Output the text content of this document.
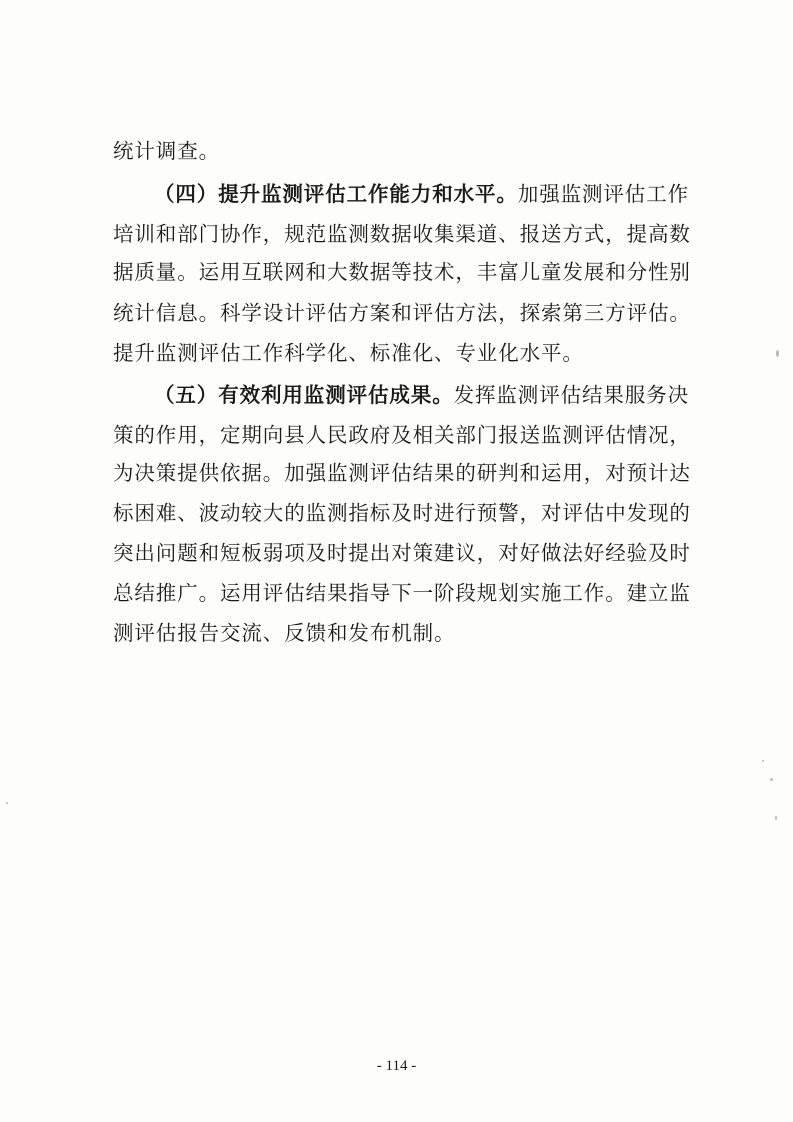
统计调查。
（四）提升监测评估工作能力和水平。加强监测评估工作
培训和部门协作，规范监测数据收集渠道、报送方式，提高数
据质量。运用互联网和大数据等技术，丰富儿童发展和分性别
统计信息。科学设计评估方案和评估方法，探索第三方评估。
提升监测评估工作科学化、标准化、专业化水平。
（五）有效利用监测评估成果。发挥监测评估结果服务决
策的作用，定期向县人民政府及相关部门报送监测评估情况，
为决策提供依据。加强监测评估结果的研判和运用，对预计达
标困难、波动较大的监测指标及时进行预警，对评估中发现的
突出问题和短板弱项及时提出对策建议，对好做法好经验及时
总结推广。运用评估结果指导下一阶段规划实施工作。建立监
测评估报告交流、反馈和发布机制。
- 114 -
